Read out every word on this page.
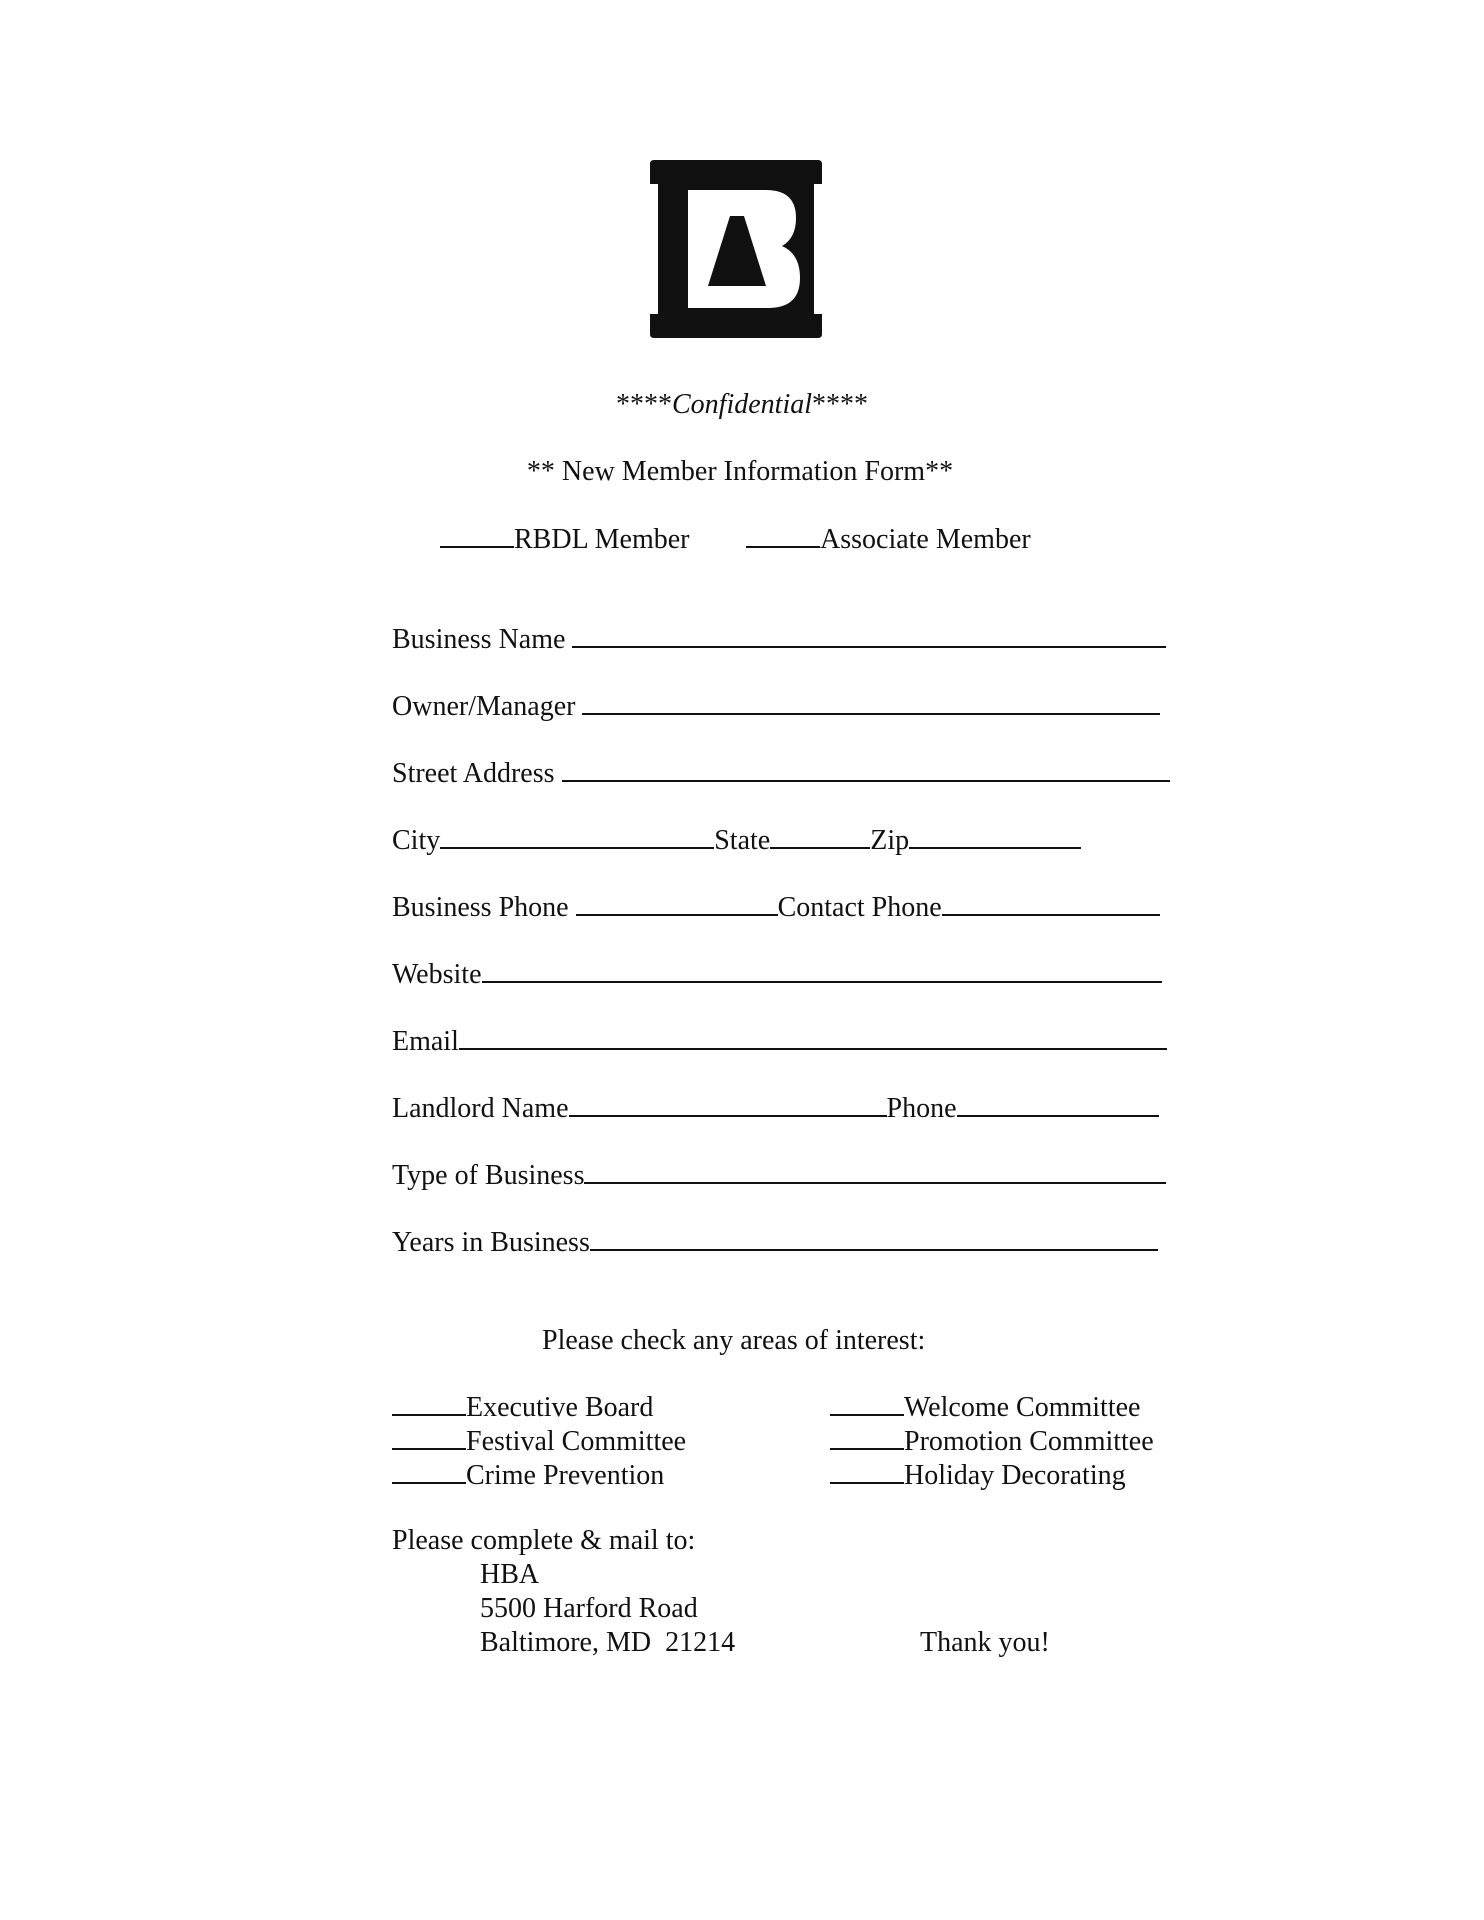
****Confidential****
** New Member Information Form**
RBDL Member	Associate Member
Business Name
Owner/Manager
Street Address
City	State	Zip
Business Phone	Contact Phone
Website
Email
Landlord Name	Phone
Type of Business
Years in Business
Please check any areas of interest:
Executive Board
Festival Committee
Crime Prevention
Welcome Committee
Promotion Committee
Holiday Decorating
Please complete & mail to:
HBA
5500 Harford Road
Baltimore, MD  21214	Thank you!
